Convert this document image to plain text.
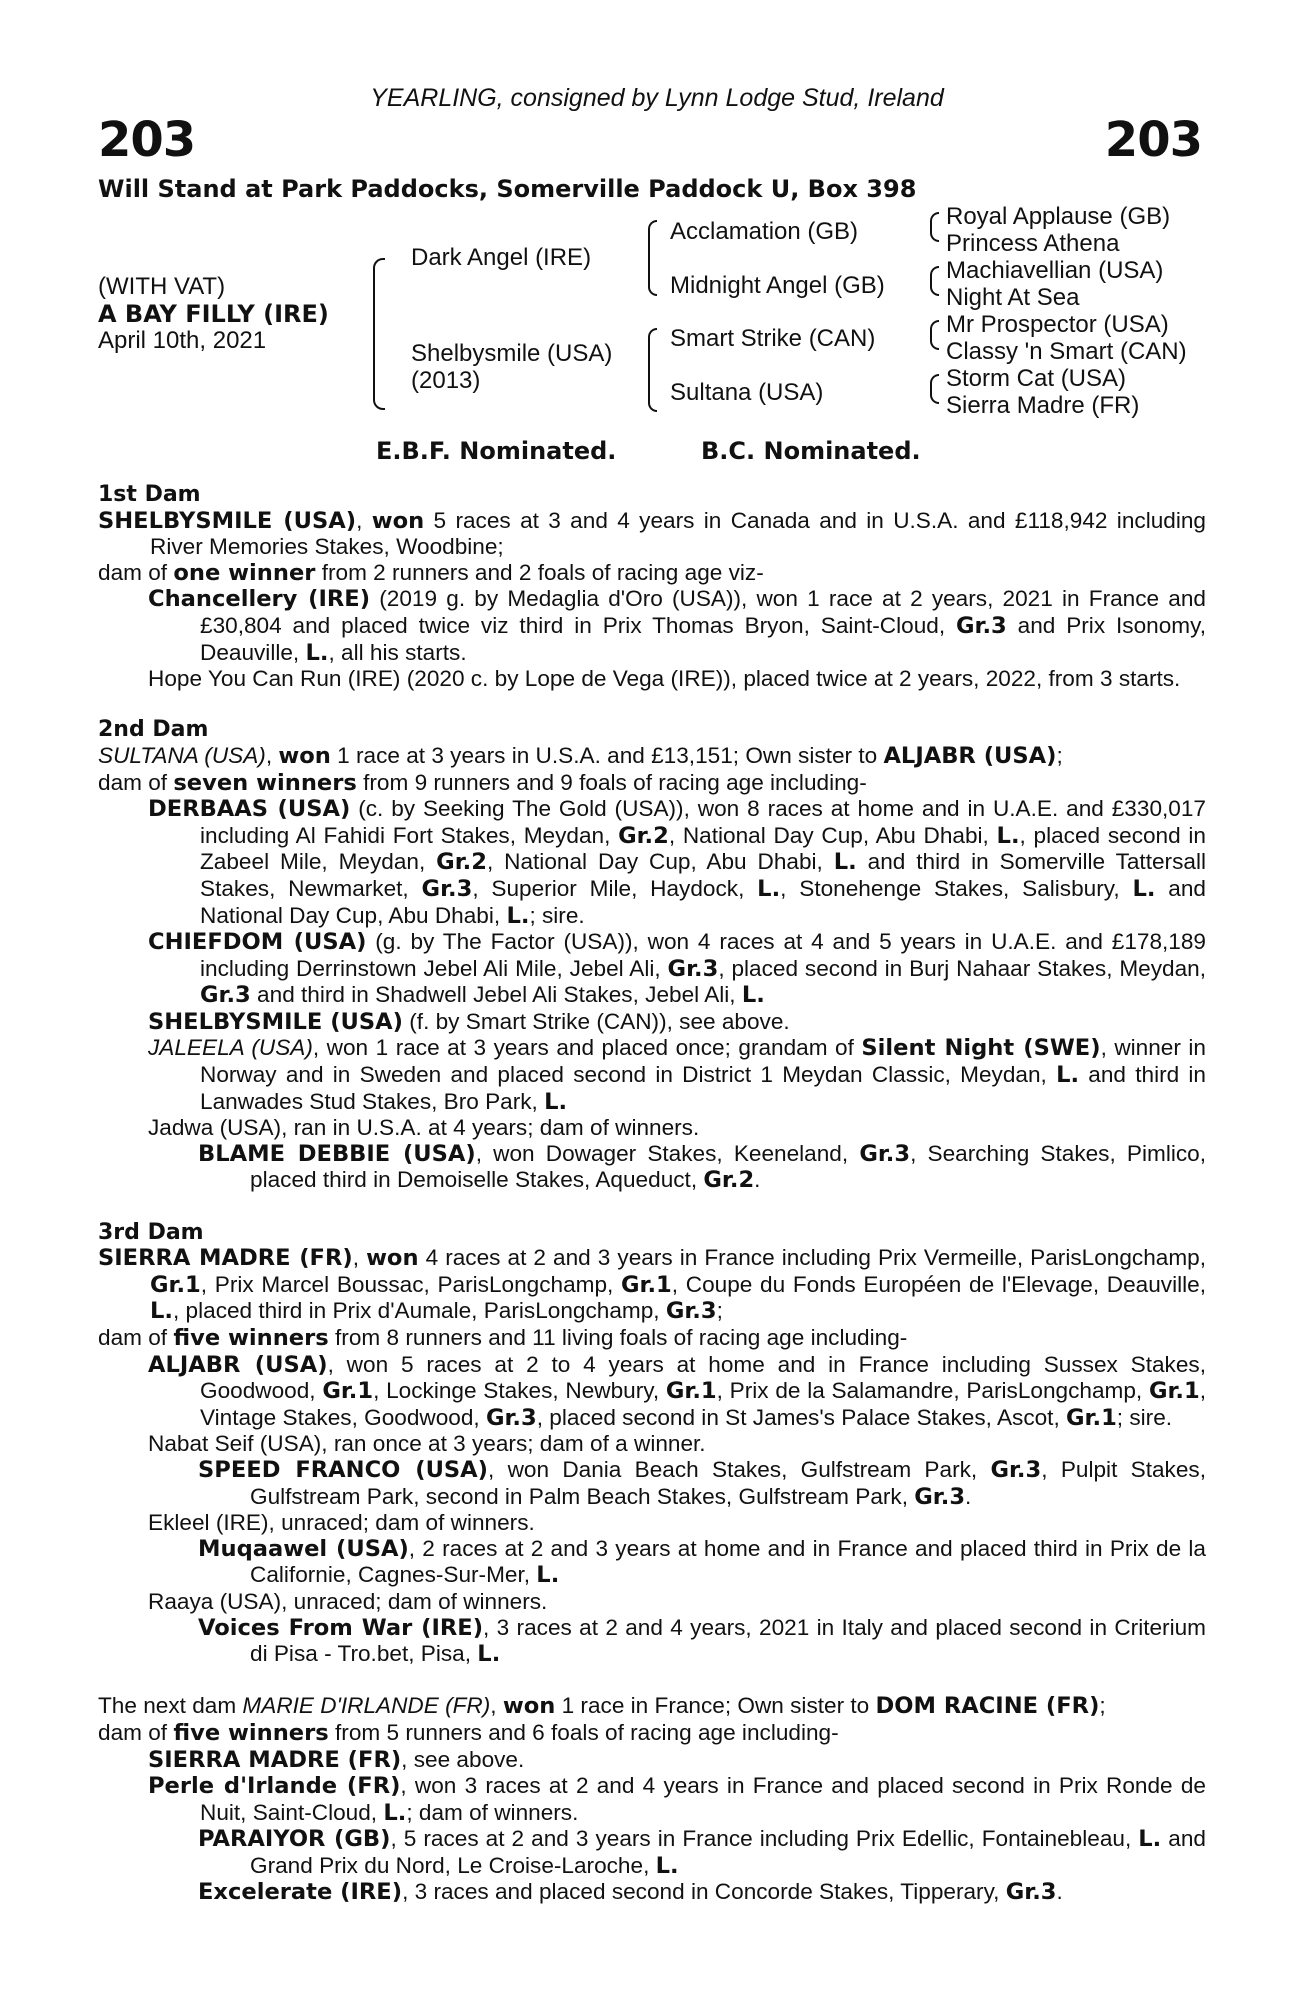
YEARLING, consigned by Lynn Lodge Stud, Ireland
203	203
Will Stand at Park Paddocks, Somerville Paddock U, Box 398
(WITH VAT)
A BAY FILLY (IRE)
April 10th, 2021
Dark Angel (IRE)
Shelbysmile (USA)
(2013)
Acclamation (GB)
Midnight Angel (GB)
Smart Strike (CAN)
Sultana (USA)
Royal Applause (GB)
Princess Athena
Machiavellian (USA)
Night At Sea
Mr Prospector (USA)
Classy 'n Smart (CAN)
Storm Cat (USA)
Sierra Madre (FR)
E.B.F. Nominated.	B.C. Nominated.

1st Dam

SHELBYSMILE (USA), won 5 races at 3 and 4 years in Canada and in U.S.A. and £118,942 including River Memories Stakes, Woodbine;

dam of one winner from 2 runners and 2 foals of racing age viz-

Chancellery (IRE) (2019 g. by Medaglia d'Oro (USA)), won 1 race at 2 years, 2021 in France and £30,804 and placed twice viz third in Prix Thomas Bryon, Saint-Cloud, Gr.3 and Prix Isonomy, Deauville, L., all his starts.

Hope You Can Run (IRE) (2020 c. by Lope de Vega (IRE)), placed twice at 2 years, 2022, from 3 starts.

2nd Dam

SULTANA (USA), won 1 race at 3 years in U.S.A. and £13,151; Own sister to ALJABR (USA);

dam of seven winners from 9 runners and 9 foals of racing age including-

DERBAAS (USA) (c. by Seeking The Gold (USA)), won 8 races at home and in U.A.E. and £330,017 including Al Fahidi Fort Stakes, Meydan, Gr.2, National Day Cup, Abu Dhabi, L., placed second in Zabeel Mile, Meydan, Gr.2, National Day Cup, Abu Dhabi, L. and third in Somerville Tattersall Stakes, Newmarket, Gr.3, Superior Mile, Haydock, L., Stonehenge Stakes, Salisbury, L. and National Day Cup, Abu Dhabi, L.; sire.

CHIEFDOM (USA) (g. by The Factor (USA)), won 4 races at 4 and 5 years in U.A.E. and £178,189 including Derrinstown Jebel Ali Mile, Jebel Ali, Gr.3, placed second in Burj Nahaar Stakes, Meydan, Gr.3 and third in Shadwell Jebel Ali Stakes, Jebel Ali, L.

SHELBYSMILE (USA) (f. by Smart Strike (CAN)), see above.

JALEELA (USA), won 1 race at 3 years and placed once; grandam of Silent Night (SWE), winner in Norway and in Sweden and placed second in District 1 Meydan Classic, Meydan, L. and third in Lanwades Stud Stakes, Bro Park, L.

Jadwa (USA), ran in U.S.A. at 4 years; dam of winners.

BLAME DEBBIE (USA), won Dowager Stakes, Keeneland, Gr.3, Searching Stakes, Pimlico, placed third in Demoiselle Stakes, Aqueduct, Gr.2.

3rd Dam

SIERRA MADRE (FR), won 4 races at 2 and 3 years in France including Prix Vermeille, ParisLongchamp, Gr.1, Prix Marcel Boussac, ParisLongchamp, Gr.1, Coupe du Fonds Européen de l'Elevage, Deauville, L., placed third in Prix d'Aumale, ParisLongchamp, Gr.3;

dam of five winners from 8 runners and 11 living foals of racing age including-

ALJABR (USA), won 5 races at 2 to 4 years at home and in France including Sussex Stakes, Goodwood, Gr.1, Lockinge Stakes, Newbury, Gr.1, Prix de la Salamandre, ParisLongchamp, Gr.1, Vintage Stakes, Goodwood, Gr.3, placed second in St James's Palace Stakes, Ascot, Gr.1; sire.

Nabat Seif (USA), ran once at 3 years; dam of a winner.

SPEED FRANCO (USA), won Dania Beach Stakes, Gulfstream Park, Gr.3, Pulpit Stakes, Gulfstream Park, second in Palm Beach Stakes, Gulfstream Park, Gr.3.

Ekleel (IRE), unraced; dam of winners.

Muqaawel (USA), 2 races at 2 and 3 years at home and in France and placed third in Prix de la Californie, Cagnes-Sur-Mer, L.

Raaya (USA), unraced; dam of winners.

Voices From War (IRE), 3 races at 2 and 4 years, 2021 in Italy and placed second in Criterium di Pisa - Tro.bet, Pisa, L.

The next dam MARIE D'IRLANDE (FR), won 1 race in France; Own sister to DOM RACINE (FR);

dam of five winners from 5 runners and 6 foals of racing age including-

SIERRA MADRE (FR), see above.

Perle d'Irlande (FR), won 3 races at 2 and 4 years in France and placed second in Prix Ronde de Nuit, Saint-Cloud, L.; dam of winners.

PARAIYOR (GB), 5 races at 2 and 3 years in France including Prix Edellic, Fontainebleau, L. and Grand Prix du Nord, Le Croise-Laroche, L.

Excelerate (IRE), 3 races and placed second in Concorde Stakes, Tipperary, Gr.3.
